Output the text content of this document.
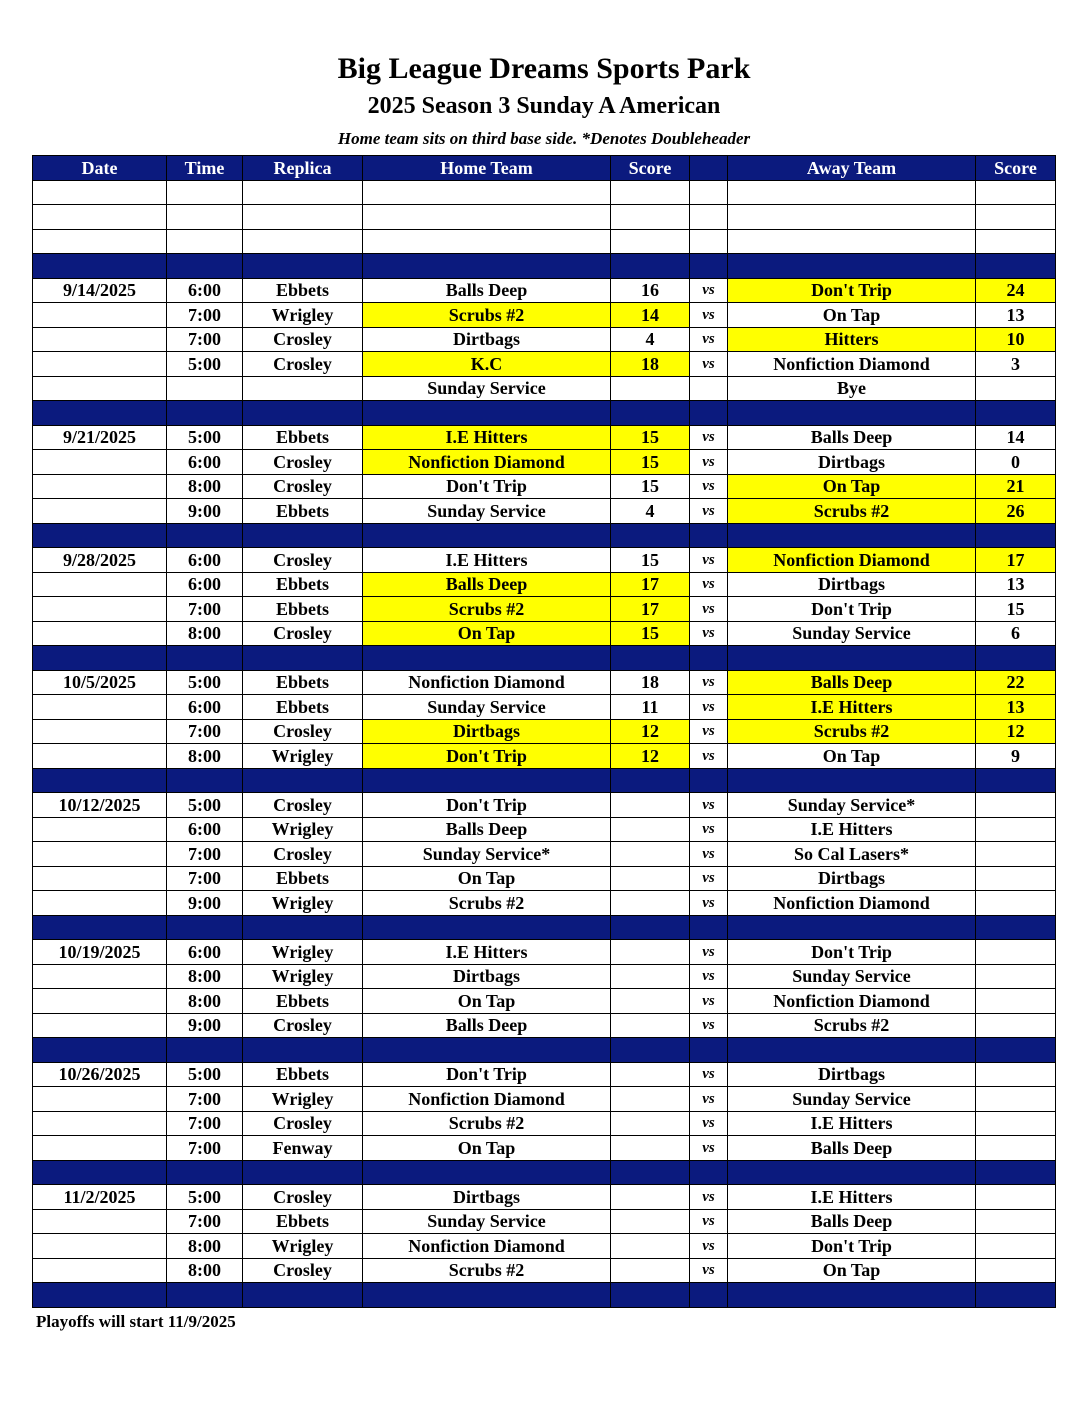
Big League Dreams Sports Park
2025 Season 3 Sunday A American
Home team sits on third base side. *Denotes Doubleheader
Date	Time	Replica	Home Team	Score		Away Team	Score

9/14/2025	6:00	Ebbets	Balls Deep	16	vs	Don't Trip	24
	7:00	Wrigley	Scrubs #2	14	vs	On Tap	13
	7:00	Crosley	Dirtbags	4	vs	Hitters	10
	5:00	Crosley	K.C	18	vs	Nonfiction Diamond	3
			Sunday Service			Bye	

9/21/2025	5:00	Ebbets	I.E Hitters	15	vs	Balls Deep	14
	6:00	Crosley	Nonfiction Diamond	15	vs	Dirtbags	0
	8:00	Crosley	Don't Trip	15	vs	On Tap	21
	9:00	Ebbets	Sunday Service	4	vs	Scrubs #2	26

9/28/2025	6:00	Crosley	I.E Hitters	15	vs	Nonfiction Diamond	17
	6:00	Ebbets	Balls Deep	17	vs	Dirtbags	13
	7:00	Ebbets	Scrubs #2	17	vs	Don't Trip	15
	8:00	Crosley	On Tap	15	vs	Sunday Service	6

10/5/2025	5:00	Ebbets	Nonfiction Diamond	18	vs	Balls Deep	22
	6:00	Ebbets	Sunday Service	11	vs	I.E Hitters	13
	7:00	Crosley	Dirtbags	12	vs	Scrubs #2	12
	8:00	Wrigley	Don't Trip	12	vs	On Tap	9

10/12/2025	5:00	Crosley	Don't Trip		vs	Sunday Service*	
	6:00	Wrigley	Balls Deep		vs	I.E Hitters	
	7:00	Crosley	Sunday Service*		vs	So Cal Lasers*	
	7:00	Ebbets	On Tap		vs	Dirtbags	
	9:00	Wrigley	Scrubs #2		vs	Nonfiction Diamond	

10/19/2025	6:00	Wrigley	I.E Hitters		vs	Don't Trip	
	8:00	Wrigley	Dirtbags		vs	Sunday Service	
	8:00	Ebbets	On Tap		vs	Nonfiction Diamond	
	9:00	Crosley	Balls Deep		vs	Scrubs #2	

10/26/2025	5:00	Ebbets	Don't Trip		vs	Dirtbags	
	7:00	Wrigley	Nonfiction Diamond		vs	Sunday Service	
	7:00	Crosley	Scrubs #2		vs	I.E Hitters	
	7:00	Fenway	On Tap		vs	Balls Deep	

11/2/2025	5:00	Crosley	Dirtbags		vs	I.E Hitters	
	7:00	Ebbets	Sunday Service		vs	Balls Deep	
	8:00	Wrigley	Nonfiction Diamond		vs	Don't Trip	
	8:00	Crosley	Scrubs #2		vs	On Tap	

Playoffs will start 11/9/2025
